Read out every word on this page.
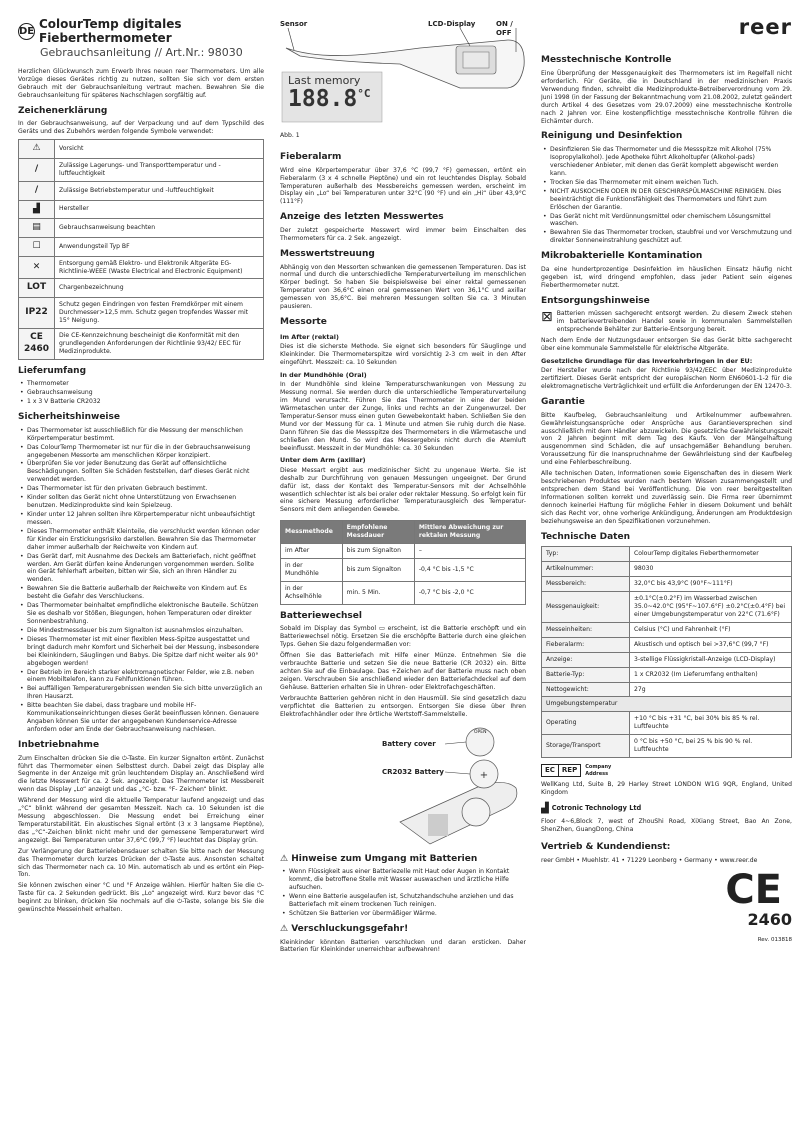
DE
ColourTemp digitales Fieberthermometer
Gebrauchsanleitung // Art.Nr.: 98030

Herzlichen Glückwunsch zum Erwerb Ihres neuen reer Thermometers. Um alle Vorzüge dieses Gerätes richtig zu nutzen, sollten Sie sich vor dem ersten Gebrauch mit der Gebrauchsanleitung vertraut machen. Bewahren Sie die Gebrauchsanleitung für späteres Nachschlagen sorgfältig auf.

Zeichenerklärung

In der Gebrauchsanweisung, auf der Verpackung und auf dem Typschild des Geräts und des Zubehörs werden folgende Symbole verwendet:

⚠	Vorsicht
/	Zulässige Lagerungs- und Transporttemperatur und -luftfeuchtigkeit
/	Zulässige Betriebstemperatur und -luftfeuchtigkeit
▟	Hersteller
▤	Gebrauchsanweisung beachten
☐	Anwendungsteil Typ BF
✕	Entsorgung gemäß Elektro- und Elektronik Altgeräte EG-Richtlinie-WEEE (Waste Electrical and Electronic Equipment)
LOT	Chargenbezeichnung
IP22	Schutz gegen Eindringen von festen Fremdkörper mit einem Durchmesser>12,5 mm. Schutz gegen tropfendes Wasser mit 15° Neigung.
CE 2460	Die CE-Kennzeichnung bescheinigt die Konformität mit den grundlegenden Anforderungen der Richtlinie 93/42/ EEC für Medizinprodukte.
Lieferumfang
• Thermometer
• Gebrauchsanweisung
• 1 x 3 V Batterie CR2032
Sicherheitshinweise
• Das Thermometer ist ausschließlich für die Messung der menschlichen Körpertemperatur bestimmt.
• Das ColourTemp Thermometer ist nur für die in der Gebrauchsanweisung angegebenen Messorte am menschlichen Körper konzipiert.
• Überprüfen Sie vor jeder Benutzung das Gerät auf offensichtliche Beschädigungen. Sollten Sie Schäden feststellen, darf dieses Gerät nicht verwendet werden.
• Das Thermometer ist für den privaten Gebrauch bestimmt.
• Kinder sollten das Gerät nicht ohne Unterstützung von Erwachsenen benutzen. Medizinprodukte sind kein Spielzeug.
• Kinder unter 12 Jahren sollten ihre Körpertemperatur nicht unbeaufsichtigt messen.
• Dieses Thermometer enthält Kleinteile, die verschluckt werden können oder für Kinder ein Erstickungsrisiko darstellen. Bewahren Sie das Thermometer daher immer außerhalb der Reichweite von Kindern auf.
• Das Gerät darf, mit Ausnahme des Deckels am Batteriefach, nicht geöffnet werden. Am Gerät dürfen keine Änderungen vorgenommen werden. Sollte ein Gerät fehlerhaft arbeiten, bitten wir Sie, sich an Ihren Händler zu wenden.
• Bewahren Sie die Batterie außerhalb der Reichweite von Kindern auf. Es besteht die Gefahr des Verschluckens.
• Das Thermometer beinhaltet empfindliche elektronische Bauteile. Schützen Sie es deshalb vor Stößen, Biegungen, hohen Temperaturen oder direkter Sonnenbestrahlung.
• Die Mindestmessdauer bis zum Signalton ist ausnahmslos einzuhalten.
• Dieses Thermometer ist mit einer flexiblen Mess-Spitze ausgestattet und bringt dadurch mehr Komfort und Sicherheit bei der Messung, insbesondere bei Kleinkindern, Säuglingen und Babys. Die Spitze darf nicht weiter als 90° abgebogen werden!
• Der Betrieb im Bereich starker elektromagnetischer Felder, wie z.B. neben einem Mobiltelefon, kann zu Fehlfunktionen führen.
• Bei auffälligen Temperaturergebnissen wenden Sie sich bitte unverzüglich an Ihren Hausarzt.
• Bitte beachten Sie dabei, dass tragbare und mobile HF-Kommunikationseinrichtungen dieses Gerät beeinflussen können. Genauere Angaben können Sie unter der angegebenen Kundenservice-Adresse anfordern oder am Ende der Gebrauchsanweisung nachlesen.
Inbetriebnahme

Zum Einschalten drücken Sie die ⏻-Taste. Ein kurzer Signalton ertönt. Zunächst führt das Thermometer einen Selbsttest durch. Dabei zeigt das Display alle Segmente in der Anzeige mit grün leuchtendem Display an. Anschließend wird die letzte Messwert für ca. 2 Sek. angezeigt. Das Thermometer ist Messbereit wenn das Display „Lo“ anzeigt und das „°C- bzw. °F- Zeichen“ blinkt.

Während der Messung wird die aktuelle Temperatur laufend angezeigt und das „°C“ blinkt während der gesamten Messzeit. Nach ca. 10 Sekunden ist die Messung abgeschlossen. Die Messung endet bei Erreichung einer Temperaturstabilität. Ein akustisches Signal ertönt (3 x 3 langsame Pieptöne), das „°C“-Zeichen blinkt nicht mehr und der gemessene Temperaturwert wird angezeigt. Bei Temperaturen unter 37,6°C (99,7 °F) leuchtet das Display grün.

Zur Verlängerung der Batterielebensdauer schalten Sie bitte nach der Messung das Thermometer durch kurzes Drücken der ⏻-Taste aus. Ansonsten schaltet sich das Thermometer nach ca. 10 Min. automatisch ab und es ertönt ein Piep-Ton.

Sie können zwischen einer °C und °F Anzeige wählen. Hierfür halten Sie die ⏻-Taste für ca. 2 Sekunden gedrückt. Bis „Lo“ angezeigt wird. Kurz bevor das °C beginnt zu blinken, drücken Sie nochmals auf die ⏻-Taste, solange bis Sie die gewünschte Messeinheit erhalten.

Sensor	LCD-Display	ON / OFF
Last memory
$188.8^{^\circ C}$
Abb. 1
Fieberalarm

Wird eine Körpertemperatur über 37,6 °C (99,7 °F) gemessen, ertönt ein Fieberalarm (3 x 4 schnelle Pieptöne) und ein rot leuchtendes Display. Sobald Temperaturen außerhalb des Messbereichs gemessen werden, erscheint im Display ein „Lo“ bei Temperaturen unter 32°C (90 °F) und ein „Hi“ über 43,9°C (111°F)

Anzeige des letzten Messwertes

Der zuletzt gespeicherte Messwert wird immer beim Einschalten des Thermometers für ca. 2 Sek. angezeigt.

Messwertstreuung

Abhängig von den Messorten schwanken die gemessenen Temperaturen. Das ist normal und durch die unterschiedliche Temperaturverteilung im menschlichen Körper bedingt. So haben Sie beispielsweise bei einer rektal gemessenen Temperatur von 36,6°C einen oral gemessenen Wert von 36,1°C und axillar gemessen von 35,6°C. Bei mehreren Messungen sollten Sie ca. 3 Minuten pausieren.

Messorte
Im After (rektal)

Dies ist die sicherste Methode. Sie eignet sich besonders für Säuglinge und Kleinkinder. Die Thermometerspitze wird vorsichtig 2-3 cm weit in den After eingeführt. Messzeit: ca. 10 Sekunden

In der Mundhöhle (Oral)

In der Mundhöhle sind kleine Temperaturschwankungen von Messung zu Messung normal. Sie werden durch die unterschiedliche Temperaturverteilung im Mund verursacht. Führen Sie das Thermometer in eine der beiden Wärmetaschen unter der Zunge, links und rechts an der Zungenwurzel. Der Temperatur-Sensor muss einen guten Gewebekontakt haben. Schließen Sie den Mund vor der Messung für ca. 1 Minute und atmen Sie ruhig durch die Nase. Dann führen Sie das die Messspitze des Thermometers in die Wärmetasche und schließen den Mund. So wird das Messergebnis nicht durch die Atemluft beeinflusst. Messzeit in der Mundhöhle: ca. 30 Sekunden

Unter dem Arm (axillar)

Diese Messart ergibt aus medizinischer Sicht zu ungenaue Werte. Sie ist deshalb zur Durchführung von genauen Messungen ungeeignet. Der Grund dafür ist, dass der Kontakt des Temperatur-Sensors mit der Achselhöhle wesentlich schlechter ist als bei oraler oder rektaler Messung. So erfolgt kein für eine sichere Messung erforderlicher Temperaturausgleich des Temperatur-Sensors mit dem anliegenden Gewebe.

Messmethode	Empfohlene Messdauer	Mittlere Abweichung zur rektalen Messung
im After	bis zum Signalton	–
in der Mundhöhle	bis zum Signalton	-0,4 °C bis -1,5 °C
in der Achselhöhle	min. 5 Min.	-0,7 °C bis -2,0 °C
Batteriewechsel

Sobald im Display das Symbol ▭ erscheint, ist die Batterie erschöpft und ein Batteriewechsel nötig. Ersetzen Sie die erschöpfte Batterie durch eine gleichen Typs. Gehen Sie dazu folgendermaßen vor:

Öffnen Sie das Batteriefach mit Hilfe einer Münze. Entnehmen Sie die verbrauchte Batterie und setzen Sie die neue Batterie (CR 2032) ein. Bitte achten Sie auf die Einbaulage. Das +Zeichen auf der Batterie muss nach oben zeigen. Verschrauben Sie anschließend wieder den Batteriefachdeckel auf dem Gehäuse. Batterien erhalten Sie in Uhren- oder Elektrofachgeschäften.

Verbrauchte Batterien gehören nicht in den Hausmüll. Sie sind gesetzlich dazu verpflichtet die Batterien zu entsorgen. Entsorgen Sie diese über Ihren Elektrofachhändler oder Ihre örtliche Wertstoff-Sammelstelle.

Battery cover
CR2032 Battery	+
OPEN
⚠ Hinweise zum Umgang mit Batterien
• Wenn Flüssigkeit aus einer Batteriezelle mit Haut oder Augen in Kontakt kommt, die betroffene Stelle mit Wasser auswaschen und ärztliche Hilfe aufsuchen.
• Wenn eine Batterie ausgelaufen ist, Schutzhandschuhe anziehen und das Batteriefach mit einem trockenen Tuch reinigen.
• Schützen Sie Batterien vor übermäßiger Wärme.
⚠ Verschluckungsgefahr!

Kleinkinder könnten Batterien verschlucken und daran ersticken. Daher Batterien für Kleinkinder unerreichbar aufbewahren!

reer
Messtechnische Kontrolle

Eine Überprüfung der Messgenauigkeit des Thermometers ist im Regelfall nicht erforderlich. Für Geräte, die in Deutschland in der medizinischen Praxis Verwendung finden, schreibt die Medizinprodukte-Betreiberverordnung vom 29. Juni 1998 (in der Fassung der Bekanntmachung vom 21.08.2002, zuletzt geändert durch Artikel 4 des Gesetzes vom 29.07.2009) eine messtechnische Kontrolle nach 2 Jahren vor. Eine kostenpflichtige messtechnische Kontrolle führen die Eichämter durch.

Reinigung und Desinfektion
• Desinfizieren Sie das Thermometer und die Messspitze mit Alkohol (75% Isopropylalkohol). Jede Apotheke führt Alkoholtupfer (Alkohol-pads) verschiedener Anbieter, mit denen das Gerät komplett abgewischt werden kann.
• Trocken Sie das Thermometer mit einem weichen Tuch.
• NICHT AUSKOCHEN ODER IN DER GESCHIRRSPÜLMASCHINE REINIGEN. Dies beeinträchtigt die Funktionsfähigkeit des Thermometers und führt zum Erlöschen der Garantie.
• Das Gerät nicht mit Verdünnungsmittel oder chemischem Lösungsmittel waschen.
• Bewahren Sie das Thermometer trocken, staubfrei und vor Verschmutzung und direkter Sonneneinstrahlung geschützt auf.
Mikrobakterielle Kontamination

Da eine hundertprozentige Desinfektion im häuslichen Einsatz häufig nicht gegeben ist, wird dringend empfohlen, dass jeder Patient sein eigenes Fieberthermometer nutzt.

Entsorgungshinweise
⊠ Batterien müssen sachgerecht entsorgt werden. Zu diesem Zweck stehen im batterievertreibenden Handel sowie in kommunalen Sammelstellen entsprechende Behälter zur Batterie-Entsorgung bereit.

Nach dem Ende der Nutzungsdauer entsorgen Sie das Gerät bitte sachgerecht über eine kommunale Sammelstelle für elektrische Altgeräte.

Gesetzliche Grundlage für das Inverkehrbringen in der EU:

Der Hersteller wurde nach der Richtlinie 93/42/EEC über Medizinprodukte zertifiziert. Dieses Gerät entspricht der europäischen Norm EN60601-1-2 für die elektromagnetische Verträglichkeit und erfüllt die Anforderungen der EN 12470-3.

Garantie

Bitte Kaufbeleg, Gebrauchsanleitung und Artikelnummer aufbewahren. Gewährleistungsansprüche oder Ansprüche aus Garantieversprechen sind ausschließlich mit dem Händler abzuwickeln. Die gesetzliche Gewährleistungszeit von 2 Jahren beginnt mit dem Tag des Kaufs. Von der Mängelhaftung ausgenommen sind Schäden, die auf unsachgemäßer Behandlung beruhen. Voraussetzung für die Inanspruchnahme der Gewährleistung sind der Kaufbeleg und eine Fehlerbeschreibung.

Alle technischen Daten, Informationen sowie Eigenschaften des in diesem Werk beschriebenen Produktes wurden nach bestem Wissen zusammengestellt und entsprechen dem Stand bei Veröffentlichung. Die von reer bereitgestellten Informationen sollten korrekt und zuverlässig sein. Die Firma reer übernimmt dennoch keinerlei Haftung für mögliche Fehler in diesem Dokument und behält sich das Recht vor, ohne vorherige Ankündigung, Änderungen am Produktdesign beziehungsweise an den Spezifikationen vorzunehmen.

Technische Daten
Typ:	ColourTemp digitales Fieberthermometer
Artikelnummer:	98030
Messbereich:	32,0°C bis 43,9°C (90°F~111°F)
Messgenauigkeit:	±0.1°C(±0.2°F) im Wasserbad zwischen 35.0~42.0°C (95°F~107.6°F) ±0.2°C(±0.4°F) bei einer Umgebungstemperatur von 22°C (71.6°F)
Messeinheiten:	Celsius (°C) und Fahrenheit (°F)
Fieberalarm:	Akustisch und optisch bei >37,6°C (99,7 °F)
Anzeige:	3-stellige Flüssigkristall-Anzeige (LCD-Display)
Batterie-Typ:	1 x CR2032 (Im Lieferumfang enthalten)
Nettogewicht:	27g
Umgebungstemperatur	
Operating	+10 °C bis +31 °C, bei 30% bis 85 % rel. Luftfeuchte
Storage/Transport	0 °C bis +50 °C, bei 25 % bis 90 % rel. Luftfeuchte
EC	REP	Company Address

WellKang Ltd, Suite B, 29 Harley Street LONDON W1G 9QR, England, United Kingdom

▟ Cotronic Technology Ltd

Floor 4~6,Block 7, west of ZhouShi Road, XiXiang Street, Bao An Zone, ShenZhen, GuangDong, China

Vertrieb & Kundendienst:

reer GmbH • Muehlstr. 41 • 71229 Leonberg • Germany • www.reer.de

CE
2460
Rev. 013818
